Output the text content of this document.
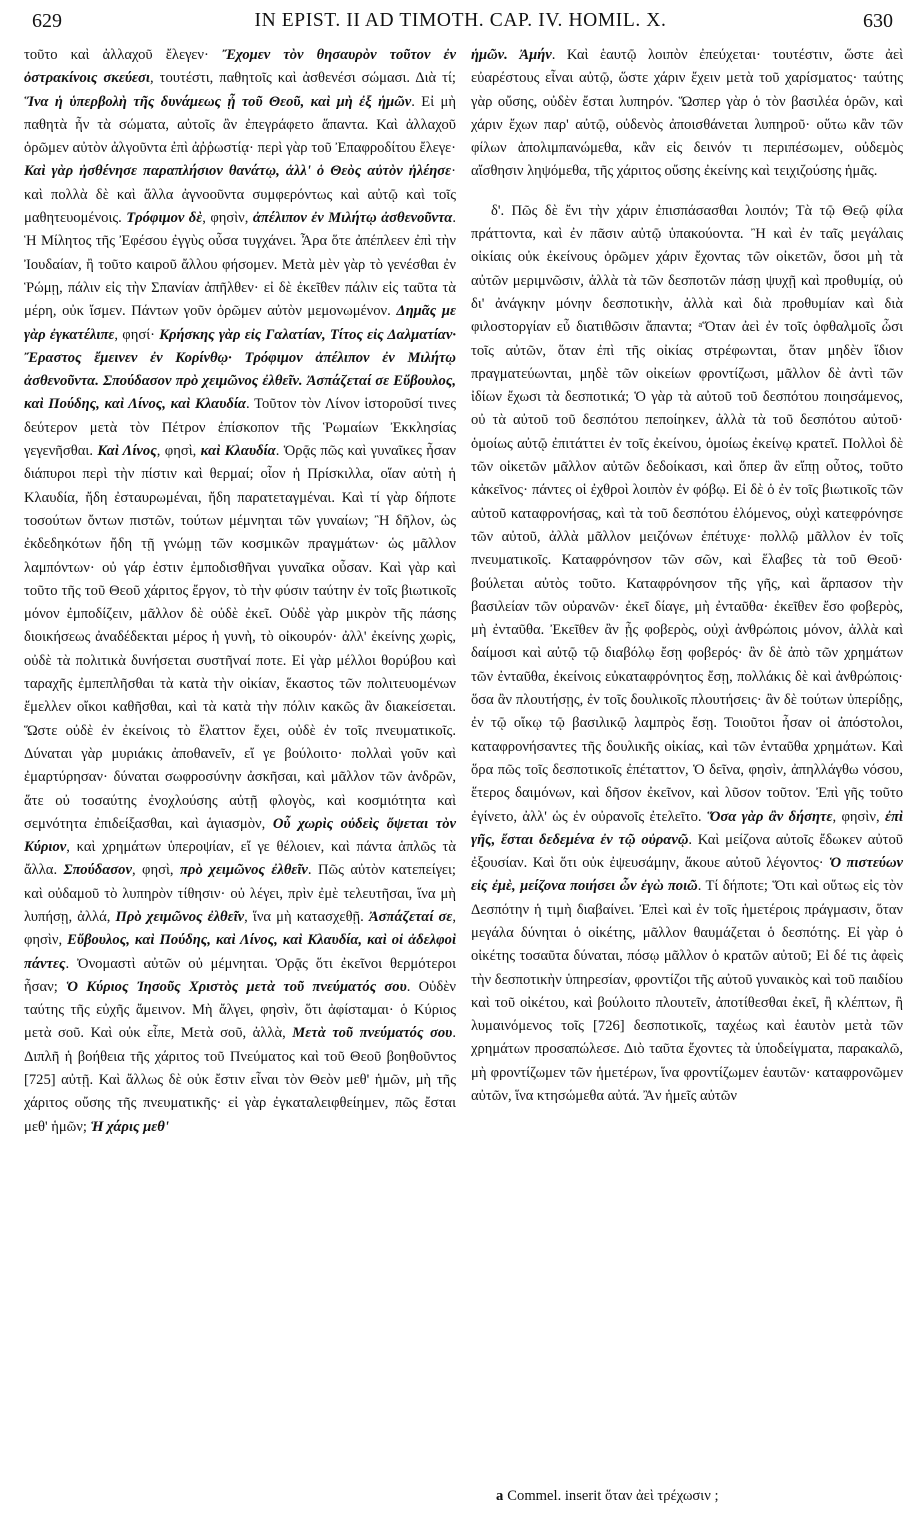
629	IN EPIST. II AD TIMOTH. CAP. IV. HOMIL. X.	630

τοῦτο καὶ ἀλλαχοῦ ἔλεγεν· Ἔχομεν τὸν θησαυρὸν τοῦτον ἐν ὀστρακίνοις σκεύεσι, τουτέστι, παθητοῖς καὶ ἀσθενέσι σώμασι. Διὰ τί; Ἵνα ἡ ὑπερβολὴ τῆς δυνάμεως ᾖ τοῦ Θεοῦ, καὶ μὴ ἐξ ἡμῶν. Εἰ μὴ παθητὰ ἦν τὰ σώματα, αὐτοῖς ἂν ἐπεγράφετο ἅπαντα. Καὶ ἀλλαχοῦ ὁρῶμεν αὐτὸν ἀλγοῦντα ἐπὶ ἀῤῥωστίᾳ· περὶ γὰρ τοῦ Ἐπαφροδίτου ἔλεγε· Καὶ γὰρ ἠσθένησε παραπλήσιον θανάτῳ, ἀλλ' ὁ Θεὸς αὐτὸν ἠλέησε· καὶ πολλὰ δὲ καὶ ἄλλα ἀγνοοῦντα συμφερόντως καὶ αὐτῷ καὶ τοῖς μαθητευομένοις. Τρόφιμον δὲ, φησὶν, ἀπέλιπον ἐν Μιλήτῳ ἀσθενοῦντα. Ἡ Μίλητος τῆς Ἐφέσου ἐγγὺς οὖσα τυγχάνει. Ἆρα ὅτε ἀπέπλεεν ἐπὶ τὴν Ἰουδαίαν, ἢ τοῦτο καιροῦ ἄλλου φήσομεν. Μετὰ μὲν γὰρ τὸ γενέσθαι ἐν Ῥώμῃ, πάλιν εἰς τὴν Σπανίαν ἀπῆλθεν· εἰ δὲ ἐκεῖθεν πάλιν εἰς ταῦτα τὰ μέρη, οὐκ ἴσμεν. Πάντων γοῦν ὁρῶμεν αὐτὸν μεμονωμένον. Δημᾶς με γὰρ ἐγκατέλιπε, φησί· Κρήσκης γὰρ εἰς Γαλατίαν, Τίτος εἰς Δαλματίαν· Ἔραστος ἔμεινεν ἐν Κορίνθῳ· Τρόφιμον ἀπέλιπον ἐν Μιλήτῳ ἀσθενοῦντα. Σπούδασον πρὸ χειμῶνος ἐλθεῖν. Ἀσπάζεταί σε Εὔβουλος, καὶ Πούδης, καὶ Λίνος, καὶ Κλαυδία. Τοῦτον τὸν Λίνον ἱστοροῦσί τινες δεύτερον μετὰ τὸν Πέτρον ἐπίσκοπον τῆς Ῥωμαίων Ἐκκλησίας γεγενῆσθαι. Καὶ Λίνος, φησὶ, καὶ Κλαυδία. Ὁρᾷς πῶς καὶ γυναῖκες ἦσαν διάπυροι περὶ τὴν πίστιν καὶ θερμαί; οἷον ἡ Πρίσκιλλα, οἵαν αὐτὴ ἡ Κλαυδία, ἤδη ἐσταυρωμέναι, ἤδη παρατεταγμέναι. Καὶ τί γὰρ δήποτε τοσούτων ὄντων πιστῶν, τούτων μέμνηται τῶν γυναίων; Ἢ δῆλον, ὡς ἐκδεδηκότων ἤδη τῇ γνώμῃ τῶν κοσμικῶν πραγμάτων· ὡς μᾶλλον λαμπόντων· οὐ γάρ ἐστιν ἐμποδισθῆναι γυναῖκα οὖσαν. Καὶ γὰρ καὶ τοῦτο τῆς τοῦ Θεοῦ χάριτος ἔργον, τὸ τὴν φύσιν ταύτην ἐν τοῖς βιωτικοῖς μόνον ἐμποδίζειν, μᾶλλον δὲ οὐδὲ ἐκεῖ. Οὐδὲ γὰρ μικρὸν τῆς πάσης διοικήσεως ἀναδέδεκται μέρος ἡ γυνὴ, τὸ οἰκουρόν· ἀλλ' ἐκείνης χωρὶς, οὐδὲ τὰ πολιτικὰ δυνήσεται συστῆναί ποτε. Εἰ γὰρ μέλλοι θορύβου καὶ ταραχῆς ἐμπεπλῆσθαι τὰ κατὰ τὴν οἰκίαν, ἕκαστος τῶν πολιτευομένων ἔμελλεν οἴκοι καθῆσθαι, καὶ τὰ κατὰ τὴν πόλιν κακῶς ἂν διακείσεται. Ὥστε οὐδὲ ἐν ἐκείνοις τὸ ἔλαττον ἔχει, οὐδὲ ἐν τοῖς πνευματικοῖς. Δύναται γὰρ μυριάκις ἀποθανεῖν, εἴ γε βούλοιτο· πολλαὶ γοῦν καὶ ἐμαρτύρησαν· δύναται σωφροσύνην ἀσκῆσαι, καὶ μᾶλλον τῶν ἀνδρῶν, ἅτε οὐ τοσαύτης ἐνοχλούσης αὐτῇ φλογὸς, καὶ κοσμιότητα καὶ σεμνότητα ἐπιδείξασθαι, καὶ ἁγιασμὸν, Οὗ χωρὶς οὐδεὶς ὄψεται τὸν Κύριον, καὶ χρημάτων ὑπεροψίαν, εἴ γε θέλοιεν, καὶ πάντα ἁπλῶς τὰ ἄλλα. Σπούδασον, φησὶ, πρὸ χειμῶνος ἐλθεῖν. Πῶς αὐτὸν κατεπείγει; καὶ οὐδαμοῦ τὸ λυπηρὸν τίθησιν· οὐ λέγει, πρὶν ἐμὲ τελευτῆσαι, ἵνα μὴ λυπήσῃ, ἀλλά, Πρὸ χειμῶνος ἐλθεῖν, ἵνα μὴ κατασχεθῇ. Ἀσπάζεταί σε, φησὶν, Εὔβουλος, καὶ Πούδης, καὶ Λίνος, καὶ Κλαυδία, καὶ οἱ ἀδελφοὶ πάντες. Ὀνομαστὶ αὐτῶν οὐ μέμνηται. Ὁρᾷς ὅτι ἐκεῖνοι θερμότεροι ἦσαν; Ὁ Κύριος Ἰησοῦς Χριστὸς μετὰ τοῦ πνεύματός σου. Οὐδὲν ταύτης τῆς εὐχῆς ἄμεινον. Μὴ ἄλγει, φησὶν, ὅτι ἀφίσταμαι· ὁ Κύριος μετὰ σοῦ. Καὶ οὐκ εἶπε, Μετὰ σοῦ, ἀλλὰ, Μετὰ τοῦ πνεύματός σου. Διπλῆ ἡ βοήθεια τῆς χάριτος τοῦ Πνεύματος καὶ τοῦ Θεοῦ βοηθοῦντος [725] αὐτῇ. Καὶ ἄλλως δὲ οὐκ ἔστιν εἶναι τὸν Θεὸν μεθ' ἡμῶν, μὴ τῆς χάριτος οὔσης τῆς πνευματικῆς· εἰ γὰρ ἐγκαταλειφθείημεν, πῶς ἔσται μεθ' ἡμῶν; Ἡ χάρις μεθ'

ἡμῶν. Ἀμήν. Καὶ ἑαυτῷ λοιπὸν ἐπεύχεται· τουτέστιν, ὥστε ἀεὶ εὐαρέστους εἶναι αὐτῷ, ὥστε χάριν ἔχειν μετὰ τοῦ χαρίσματος· ταύτης γὰρ οὔσης, οὐδὲν ἔσται λυπηρόν. Ὥσπερ γὰρ ὁ τὸν βασιλέα ὁρῶν, καὶ χάριν ἔχων παρ' αὐτῷ, οὐδενὸς ἀποισθάνεται λυπηροῦ· οὕτω κἂν τῶν φίλων ἀπολιμπανώμεθα, κἂν εἰς δεινόν τι περιπέσωμεν, οὐδεμὸς αἴσθησιν ληψόμεθα, τῆς χάριτος οὔσης ἐκείνης καὶ τειχιζούσης ἡμᾶς.

δ'. Πῶς δὲ ἔνι τὴν χάριν ἐπισπάσασθαι λοιπόν; Τὰ τῷ Θεῷ φίλα πράττοντα, καὶ ἐν πᾶσιν αὐτῷ ὑπακούοντα. Ἢ καὶ ἐν ταῖς μεγάλαις οἰκίαις οὐκ ἐκείνους ὁρῶμεν χάριν ἔχοντας τῶν οἰκετῶν, ὅσοι μὴ τὰ αὐτῶν μεριμνῶσιν, ἀλλὰ τὰ τῶν δεσποτῶν πάσῃ ψυχῇ καὶ προθυμίᾳ, οὐ δι' ἀνάγκην μόνην δεσποτικὴν, ἀλλὰ καὶ διὰ προθυμίαν καὶ διὰ φιλοστοργίαν εὖ διατιθῶσιν ἅπαντα; ᵃὍταν ἀεὶ ἐν τοῖς ὀφθαλμοῖς ὦσι τοῖς αὐτῶν, ὅταν ἐπὶ τῆς οἰκίας στρέφωνται, ὅταν μηδὲν ἴδιον πραγματεύωνται, μηδὲ τῶν οἰκείων φροντίζωσι, μᾶλλον δὲ ἀντὶ τῶν ἰδίων ἔχωσι τὰ δεσποτικά; Ὁ γὰρ τὰ αὐτοῦ τοῦ δεσπότου ποιησάμενος, οὐ τὰ αὐτοῦ τοῦ δεσπότου πεποίηκεν, ἀλλὰ τὰ τοῦ δεσπότου αὐτοῦ· ὁμοίως αὐτῷ ἐπιτάττει ἐν τοῖς ἐκείνου, ὁμοίως ἐκείνῳ κρατεῖ. Πολλοὶ δὲ τῶν οἰκετῶν μᾶλλον αὐτῶν δεδοίκασι, καὶ ὅπερ ἂν εἴπῃ οὗτος, τοῦτο κἀκεῖνος· πάντες οἱ ἐχθροὶ λοιπὸν ἐν φόβῳ. Εἰ δὲ ὁ ἐν τοῖς βιωτικοῖς τῶν αὐτοῦ καταφρονήσας, καὶ τὰ τοῦ δεσπότου ἑλόμενος, οὐχὶ κατεφρόνησε τῶν αὐτοῦ, ἀλλὰ μᾶλλον μειζόνων ἐπέτυχε· πολλῷ μᾶλλον ἐν τοῖς πνευματικοῖς. Καταφρόνησον τῶν σῶν, καὶ ἕλαβες τὰ τοῦ Θεοῦ· βούλεται αὐτὸς τοῦτο. Καταφρόνησον τῆς γῆς, καὶ ἅρπασον τὴν βασιλείαν τῶν οὐρανῶν· ἐκεῖ δίαγε, μὴ ἐνταῦθα· ἐκεῖθεν ἔσο φοβερὸς, μὴ ἐνταῦθα. Ἐκεῖθεν ἂν ᾖς φοβερὸς, οὐχὶ ἀνθρώποις μόνον, ἀλλὰ καὶ δαίμοσι καὶ αὐτῷ τῷ διαβόλῳ ἔσῃ φοβερός· ἂν δὲ ἀπὸ τῶν χρημάτων τῶν ἐνταῦθα, ἐκείνοις εὐκαταφρόνητος ἔσῃ, πολλάκις δὲ καὶ ἀνθρώποις· ὅσα ἂν πλουτήσῃς, ἐν τοῖς δουλικοῖς πλουτήσεις· ἂν δὲ τούτων ὑπερίδῃς, ἐν τῷ οἴκῳ τῷ βασιλικῷ λαμπρὸς ἔσῃ. Τοιοῦτοι ἦσαν οἱ ἀπόστολοι, καταφρονήσαντες τῆς δουλικῆς οἰκίας, καὶ τῶν ἐνταῦθα χρημάτων. Καὶ ὅρα πῶς τοῖς δεσποτικοῖς ἐπέταττον, Ὁ δεῖνα, φησὶν, ἀπηλλάγθω νόσου, ἕτερος δαιμόνων, καὶ δῆσον ἐκεῖνον, καὶ λῦσον τοῦτον. Ἐπὶ γῆς τοῦτο ἐγίνετο, ἀλλ' ὡς ἐν οὐρανοῖς ἐτελεῖτο. Ὅσα γὰρ ἂν δήσητε, φησὶν, ἐπὶ γῆς, ἔσται δεδεμένα ἐν τῷ οὐρανῷ. Καὶ μείζονα αὐτοῖς ἔδωκεν αὐτοῦ ἐξουσίαν. Καὶ ὅτι οὐκ ἐψευσάμην, ἄκουε αὐτοῦ λέγοντος· Ὁ πιστεύων εἰς ἐμὲ, μείζονα ποιήσει ὧν ἐγὼ ποιῶ. Τί δήποτε; Ὅτι καὶ οὕτως εἰς τὸν Δεσπότην ἡ τιμὴ διαβαίνει. Ἐπεὶ καὶ ἐν τοῖς ἡμετέροις πράγμασιν, ὅταν μεγάλα δύνηται ὁ οἰκέτης, μᾶλλον θαυμάζεται ὁ δεσπότης. Εἰ γὰρ ὁ οἰκέτης τοσαῦτα δύναται, πόσῳ μᾶλλον ὁ κρατῶν αὐτοῦ; Εἰ δέ τις ἀφεὶς τὴν δεσποτικὴν ὑπηρεσίαν, φροντίζοι τῆς αὐτοῦ γυναικὸς καὶ τοῦ παιδίου καὶ τοῦ οἰκέτου, καὶ βούλοιτο πλουτεῖν, ἀποτίθεσθαι ἐκεῖ, ἢ κλέπτων, ἢ λυμαινόμενος τοῖς [726] δεσποτικοῖς, ταχέως καὶ ἑαυτὸν μετὰ τῶν χρημάτων προσαπώλεσε. Διὸ ταῦτα ἔχοντες τὰ ὑποδείγματα, παρακαλῶ, μὴ φροντίζωμεν τῶν ἡμετέρων, ἵνα φροντίζωμεν ἑαυτῶν· καταφρονῶμεν αὐτῶν, ἵνα κτησώμεθα αὐτά. Ἂν ἡμεῖς αὐτῶν

a Commel. inserit ὅταν ἀεὶ τρέχωσιν ;
